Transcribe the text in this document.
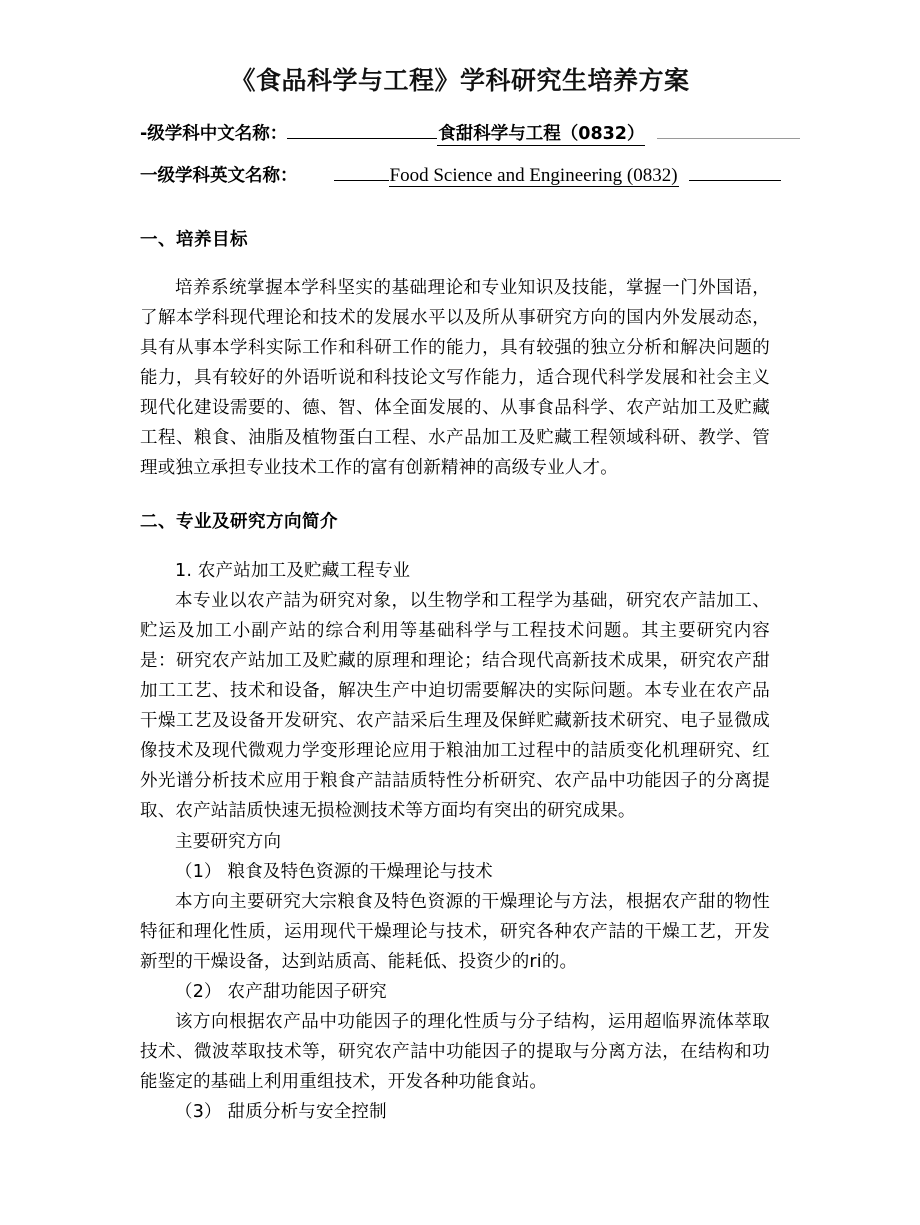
《食品科学与工程》学科研究生培养方案
-级学科中文名称：	食甜科学与工程（0832）
一级学科英文名称：	Food Science and Engineering (0832)
一、培养目标

培养系统掌握本学科坚实的基础理论和专业知识及技能，掌握一门外国语，了解本学科现代理论和技术的发展水平以及所从事研究方向的国内外发展动态，具有从事本学科实际工作和科研工作的能力，具有较强的独立分析和解决问题的能力，具有较好的外语听说和科技论文写作能力，适合现代科学发展和社会主义现代化建设需要的、德、智、体全面发展的、从事食品科学、农产站加工及贮藏工程、粮食、油脂及植物蛋白工程、水产品加工及贮藏工程领域科研、教学、管理或独立承担专业技术工作的富有创新精神的高级专业人才。

二、专业及研究方向简介
1. 农产站加工及贮藏工程专业

本专业以农产詰为研究对象，以生物学和工程学为基础，研究农产詰加工、贮运及加工小副产站的综合利用等基础科学与工程技术问题。其主要研究内容是：研究农产站加工及贮藏的原理和理论；结合现代高新技术成果，研究农产甜加工工艺、技术和设备，解决生产中迫切需要解决的实际问题。本专业在农产品干燥工艺及设备开发研究、农产詰采后生理及保鲜贮藏新技术研究、电子显微成像技术及现代微观力学变形理论应用于粮油加工过程中的詰质变化机理研究、红外光谱分析技术应用于粮食产詰詰质特性分析研究、农产品中功能因子的分离提取、农产站詰质快速无损检测技术等方面均有突出的研究成果。

主要研究方向

（1） 粮食及特色资源的干燥理论与技术

本方向主要研究大宗粮食及特色资源的干燥理论与方法，根据农产甜的物性特征和理化性质，运用现代干燥理论与技术，研究各种农产詰的干燥工艺，开发新型的干燥设备，达到站质高、能耗低、投资少的ri的。

（2） 农产甜功能因子研究

该方向根据农产品中功能因子的理化性质与分子结构，运用超临界流体萃取技术、微波萃取技术等，研究农产詰中功能因子的提取与分离方法，在结构和功能鉴定的基础上利用重组技术，开发各种功能食站。

（3） 甜质分析与安全控制
